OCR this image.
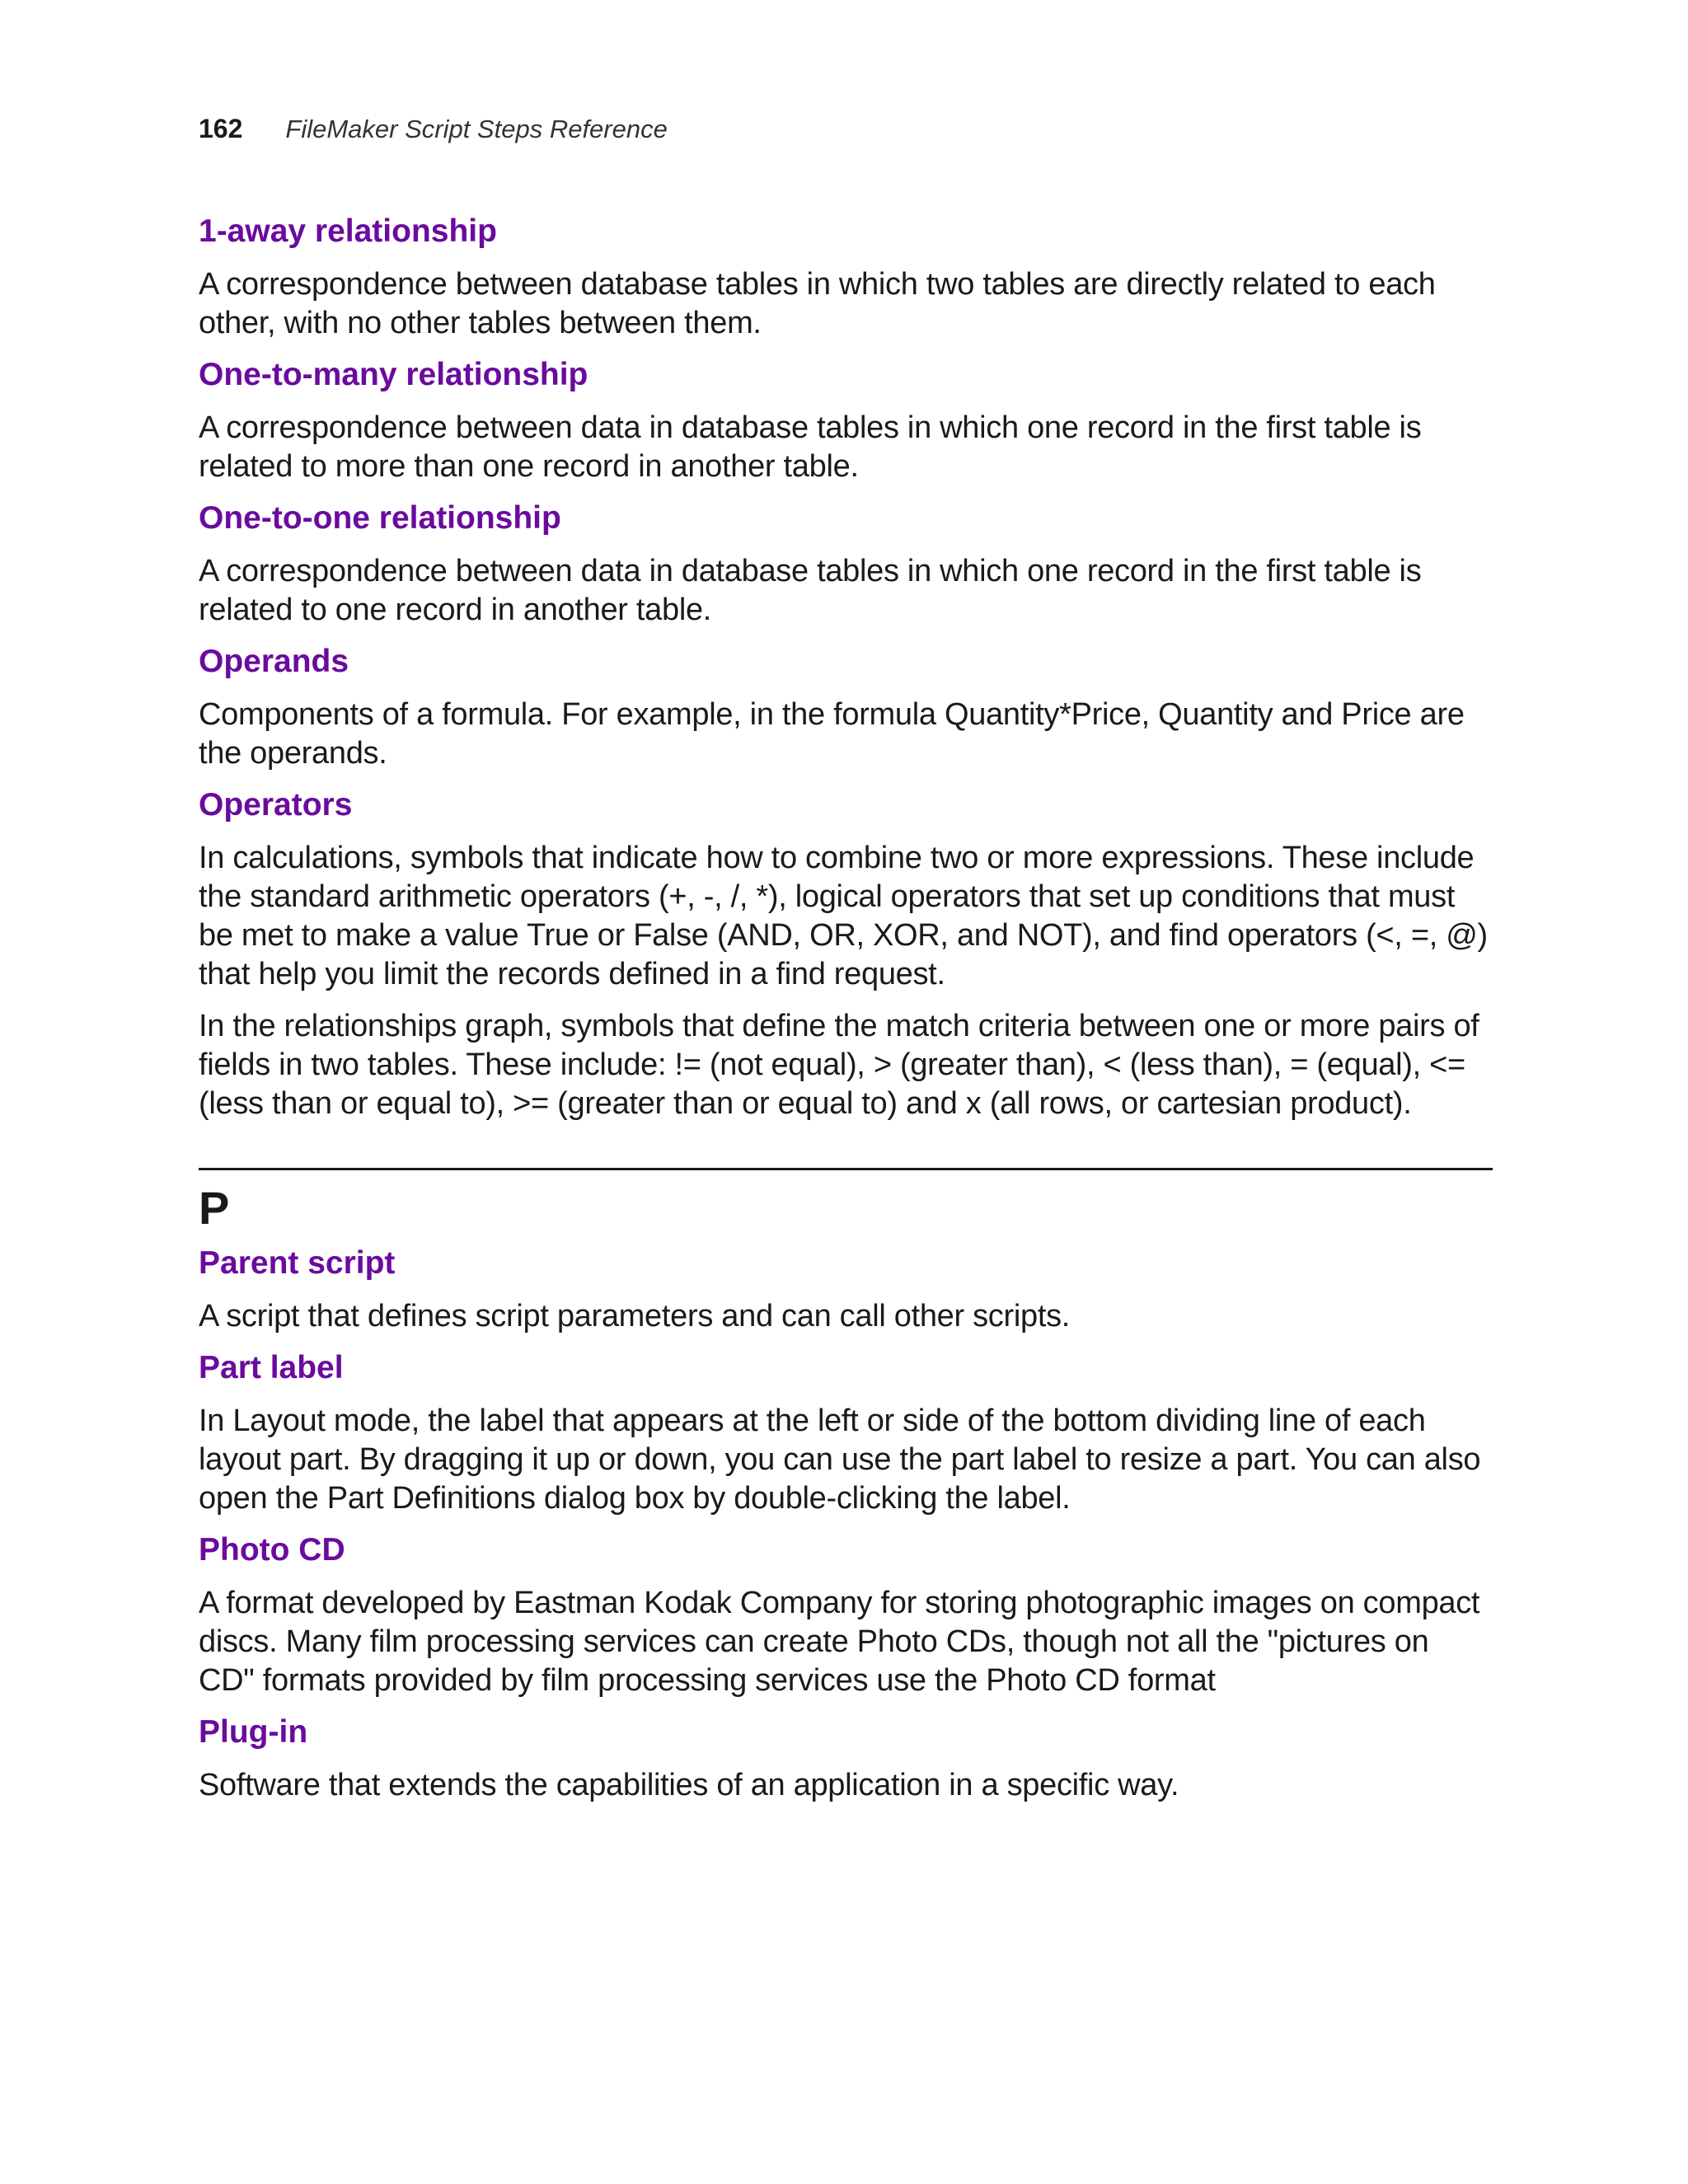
162 FileMaker Script Steps Reference
1-away relationship

A correspondence between database tables in which two tables are directly related to each other, with no other tables between them.

One-to-many relationship

A correspondence between data in database tables in which one record in the first table is related to more than one record in another table.

One-to-one relationship

A correspondence between data in database tables in which one record in the first table is related to one record in another table.

Operands

Components of a formula. For example, in the formula Quantity*Price, Quantity and Price are the operands.

Operators

In calculations, symbols that indicate how to combine two or more expressions. These include the standard arithmetic operators (+, -, /, *), logical operators that set up conditions that must be met to make a value True or False (AND, OR, XOR, and NOT), and find operators (<, =, @) that help you limit the records defined in a find request.

In the relationships graph, symbols that define the match criteria between one or more pairs of fields in two tables. These include: != (not equal), > (greater than), < (less than), = (equal), <= (less than or equal to), >= (greater than or equal to) and x (all rows, or cartesian product).

P
Parent script

A script that defines script parameters and can call other scripts.

Part label

In Layout mode, the label that appears at the left or side of the bottom dividing line of each layout part. By dragging it up or down, you can use the part label to resize a part. You can also open the Part Definitions dialog box by double-clicking the label.

Photo CD

A format developed by Eastman Kodak Company for storing photographic images on compact discs. Many film processing services can create Photo CDs, though not all the "pictures on CD" formats provided by film processing services use the Photo CD format

Plug-in

Software that extends the capabilities of an application in a specific way.
